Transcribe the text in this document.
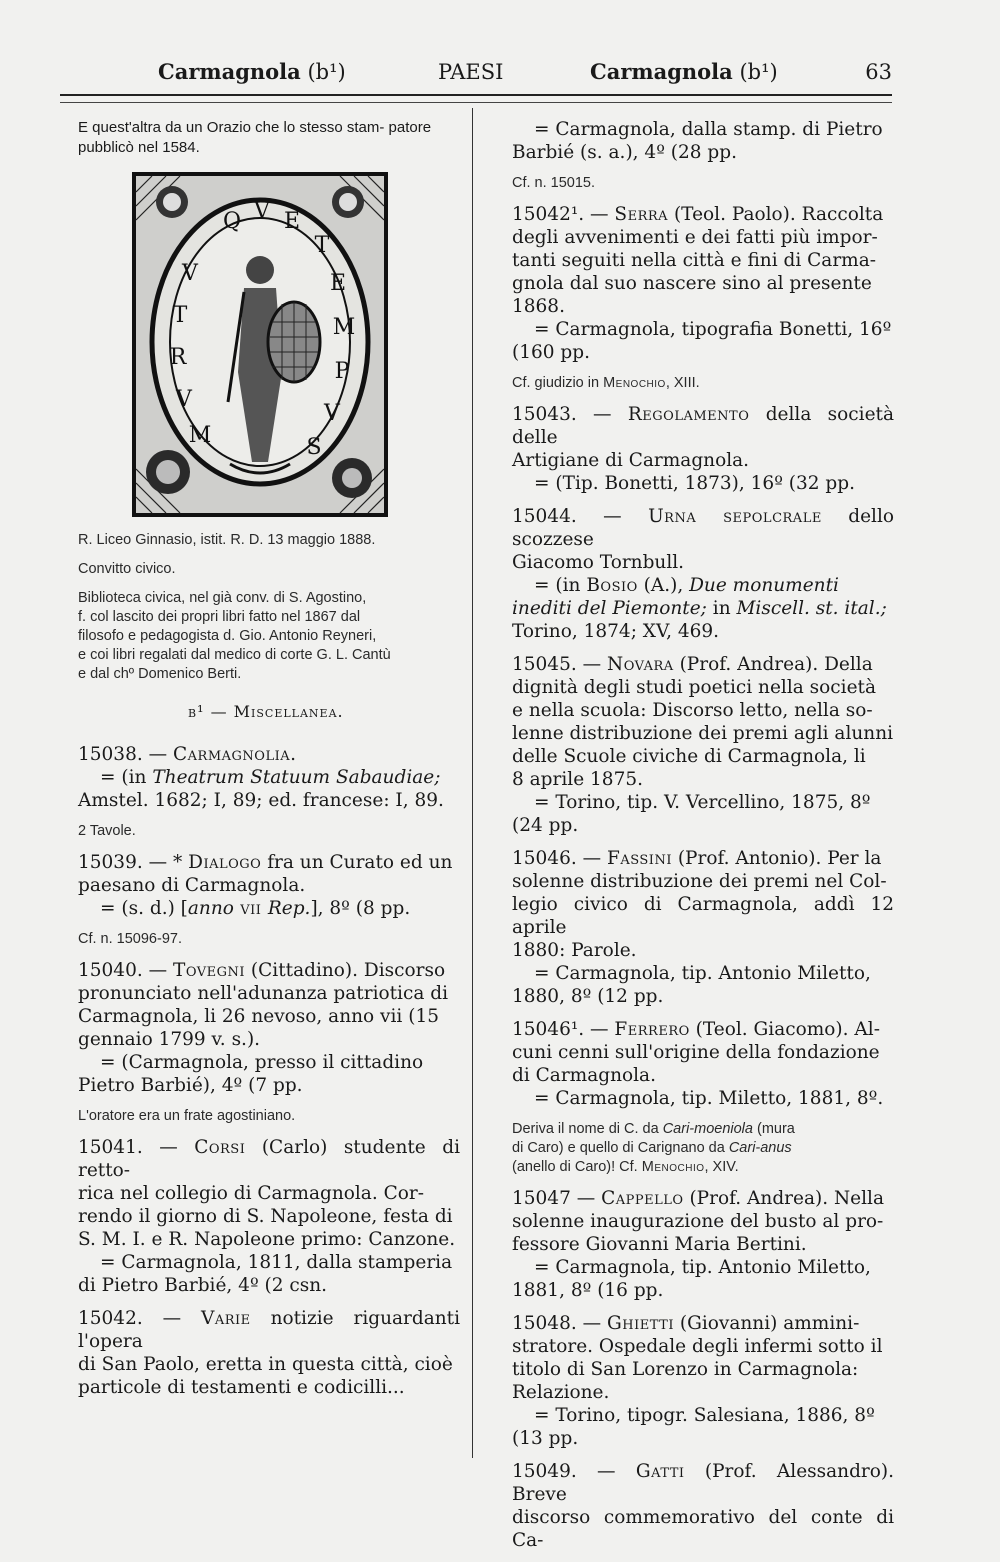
Carmagnola (b¹)	PAESI	Carmagnola (b¹)	63
E quest'altra da un Orazio che lo stesso stam- patore pubblicò nel 1584.
V
T
R
V
M
Q V E
T
E
M
P
V
S
R. Liceo Ginnasio, istit. R. D. 13 maggio 1888.
Convitto civico.
Biblioteca civica, nel già conv. di S. Agostino,
f. col lascito dei propri libri fatto nel 1867 dal
filosofo e pedagogista d. Gio. Antonio Reyneri,
e coi libri regalati dal medico di corte G. L. Cantù
e dal chº Domenico Berti.
b¹ — Miscellanea.
15038. — Carmagnolia.
= (in Theatrum Statuum Sabaudiae;
Amstel. 1682; I, 89; ed. francese: I, 89.
2 Tavole.
15039. — * Dialogo fra un Curato ed un
paesano di Carmagnola.
= (s. d.) [anno vii Rep.], 8º (8 pp.
Cf. n. 15096-97.
15040. — Tovegni (Cittadino). Discorso
pronunciato nell'adunanza patriotica di
Carmagnola, li 26 nevoso, anno vii (15
gennaio 1799 v. s.).
= (Carmagnola, presso il cittadino
Pietro Barbié), 4º (7 pp.
L'oratore era un frate agostiniano.
15041. — Corsi (Carlo) studente di retto-
rica nel collegio di Carmagnola. Cor-
rendo il giorno di S. Napoleone, festa di
S. M. I. e R. Napoleone primo: Canzone.
= Carmagnola, 1811, dalla stamperia
di Pietro Barbié, 4º (2 csn.
15042. — Varie notizie riguardanti l'opera
di San Paolo, eretta in questa città, cioè
particole di testamenti e codicilli...
= Carmagnola, dalla stamp. di Pietro
Barbié (s. a.), 4º (28 pp.
Cf. n. 15015.
15042¹. — Serra (Teol. Paolo). Raccolta
degli avvenimenti e dei fatti più impor-
tanti seguiti nella città e fini di Carma-
gnola dal suo nascere sino al presente
1868.
= Carmagnola, tipografia Bonetti, 16º
(160 pp.
Cf. giudizio in Menochio, XIII.
15043. — Regolamento della società delle
Artigiane di Carmagnola.
= (Tip. Bonetti, 1873), 16º (32 pp.
15044. — Urna sepolcrale dello scozzese
Giacomo Tornbull.
= (in Bosio (A.), Due monumenti
inediti del Piemonte; in Miscell. st. ital.;
Torino, 1874; XV, 469.
15045. — Novara (Prof. Andrea). Della
dignità degli studi poetici nella società
e nella scuola: Discorso letto, nella so-
lenne distribuzione dei premi agli alunni
delle Scuole civiche di Carmagnola, li
8 aprile 1875.
= Torino, tip. V. Vercellino, 1875, 8º
(24 pp.
15046. — Fassini (Prof. Antonio). Per la
solenne distribuzione dei premi nel Col-
legio civico di Carmagnola, addì 12 aprile
1880: Parole.
= Carmagnola, tip. Antonio Miletto,
1880, 8º (12 pp.
15046¹. — Ferrero (Teol. Giacomo). Al-
cuni cenni sull'origine della fondazione
di Carmagnola.
= Carmagnola, tip. Miletto, 1881, 8º.
Deriva il nome di C. da Cari-moeniola (mura
di Caro) e quello di Carignano da Cari-anus
(anello di Caro)! Cf. Menochio, XIV.
15047 — Cappello (Prof. Andrea). Nella
solenne inaugurazione del busto al pro-
fessore Giovanni Maria Bertini.
= Carmagnola, tip. Antonio Miletto,
1881, 8º (16 pp.
15048. — Ghietti (Giovanni) ammini-
stratore. Ospedale degli infermi sotto il
titolo di San Lorenzo in Carmagnola:
Relazione.
= Torino, tipogr. Salesiana, 1886, 8º
(13 pp.
15049. — Gatti (Prof. Alessandro). Breve
discorso commemorativo del conte di Ca-
